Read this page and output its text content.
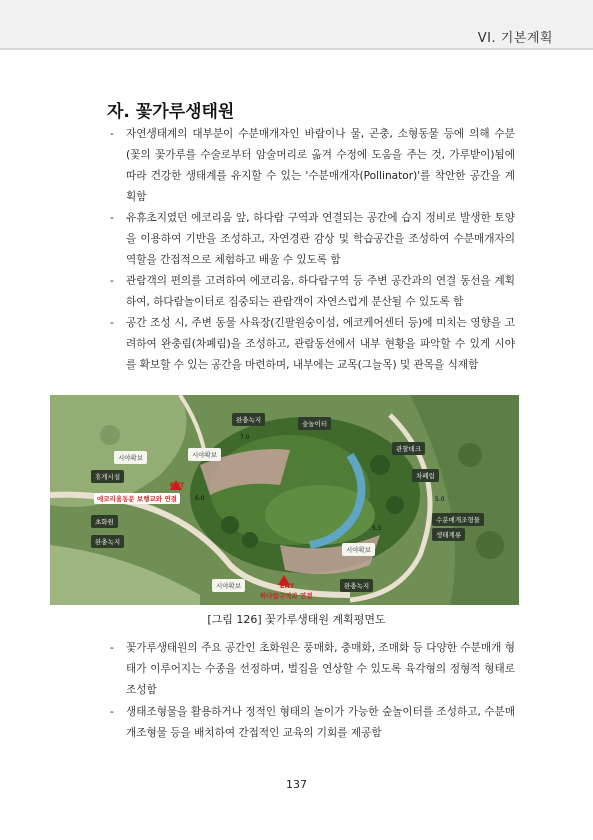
VI. 기본계획
자. 꽃가루생태원
-	자연생태계의 대부분이 수분매개자인 바람이나 물, 곤충, 소형동물 등에 의해 수분(꽃의 꽃가루를 수술로부터 암술머리로 옮겨 수정에 도움을 주는 것, 가루받이)됨에 따라 건강한 생태계를 유지할 수 있는 '수분매개자(Pollinator)'를 착안한 공간을 계획함
-	유휴초지였던 에코리움 앞, 하다람 구역과 연결되는 공간에 습지 정비로 발생한 토양을 이용하여 기반을 조성하고, 자연경관 감상 및 학습공간을 조성하여 수분매개자의 역할을 간접적으로 체험하고 배울 수 있도록 함
-	관람객의 편의를 고려하여 에코리움, 하다람구역 등 주변 공간과의 연결 동선을 계획하여, 하다람놀이터로 집중되는 관람객이 자연스럽게 분산될 수 있도록 함
-	공간 조성 시, 주변 동물 사육장(긴팔원숭이섬, 에코케어센터 등)에 미치는 영향을 고려하여 완충림(차폐림)을 조성하고, 관람동선에서 내부 현황을 파악할 수 있게 시야를 확보할 수 있는 공간을 마련하며, 내부에는 교목(그늘목) 및 관목을 식재함
완충녹지	숲놀이터
관찰데크
차폐림
휴게시설
초화원
완충녹지
수분매개조형물
생태계류
완충녹지
시야확보
시야확보
시야확보
시야확보
ENT
에코리움동문 보행교와 연결
ENT
하다람구역과 연결
7.0
6.0	5.0
5.5
[그림 126] 꽃가루생태원 계획평면도
-	꽃가루생태원의 주요 공간인 초화원은 풍매화, 충매화, 조매화 등 다양한 수분매개 형태가 이루어지는 수종을 선정하며, 벌집을 연상할 수 있도록 육각형의 정형적 형태로 조성함
-	생태조형물을 활용하거나 정적인 형태의 놀이가 가능한 숲놀이터를 조성하고, 수분매개조형물 등을 배치하여 간접적인 교육의 기회를 제공함
137
